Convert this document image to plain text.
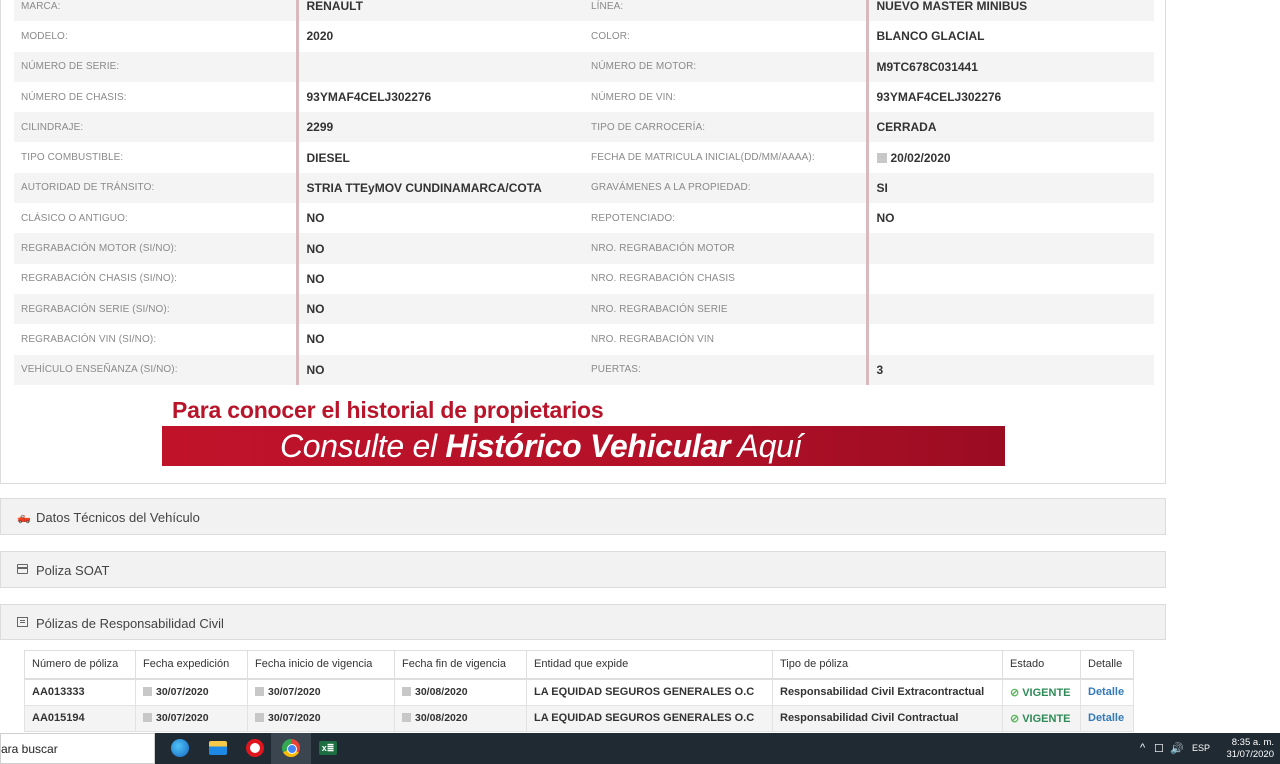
MARCA:	RENAULT	LÍNEA:	NUEVO MASTER MINIBUS
MODELO:	2020	COLOR:	BLANCO GLACIAL
NÚMERO DE SERIE:		NÚMERO DE MOTOR:	M9TC678C031441
NÚMERO DE CHASIS:	93YMAF4CELJ302276	NÚMERO DE VIN:	93YMAF4CELJ302276
CILINDRAJE:	2299	TIPO DE CARROCERÍA:	CERRADA
TIPO COMBUSTIBLE:	DIESEL	FECHA DE MATRICULA INICIAL(DD/MM/AAAA):	20/02/2020
AUTORIDAD DE TRÁNSITO:	STRIA TTEyMOV CUNDINAMARCA/COTA	GRAVÁMENES A LA PROPIEDAD:	SI
CLÁSICO O ANTIGUO:	NO	REPOTENCIADO:	NO
REGRABACIÓN MOTOR (SI/NO):	NO	NRO. REGRABACIÓN MOTOR	
REGRABACIÓN CHASIS (SI/NO):	NO	NRO. REGRABACIÓN CHASIS	
REGRABACIÓN SERIE (SI/NO):	NO	NRO. REGRABACIÓN SERIE	
REGRABACIÓN VIN (SI/NO):	NO	NRO. REGRABACIÓN VIN	
VEHÍCULO ENSEÑANZA (SI/NO):	NO	PUERTAS:	3
Para conocer el historial de propietarios
Consulte el Histórico Vehicular Aquí
🛻 Datos Técnicos del Vehículo
Poliza SOAT
Pólizas de Responsabilidad Civil
Número de póliza	Fecha expedición	Fecha inicio de vigencia	Fecha fin de vigencia	Entidad que expide	Tipo de póliza	Estado	Detalle
AA013333	30/07/2020	30/07/2020	30/08/2020	LA EQUIDAD SEGUROS GENERALES O.C	Responsabilidad Civil Extracontractual	⊘ VIGENTE	Detalle
AA015194	30/07/2020	30/07/2020	30/08/2020	LA EQUIDAD SEGUROS GENERALES O.C	Responsabilidad Civil Contractual	⊘ VIGENTE	Detalle
ara buscar	x≣	^ ☐ 🔊 ESP	8:35 a. m.
31/07/2020
